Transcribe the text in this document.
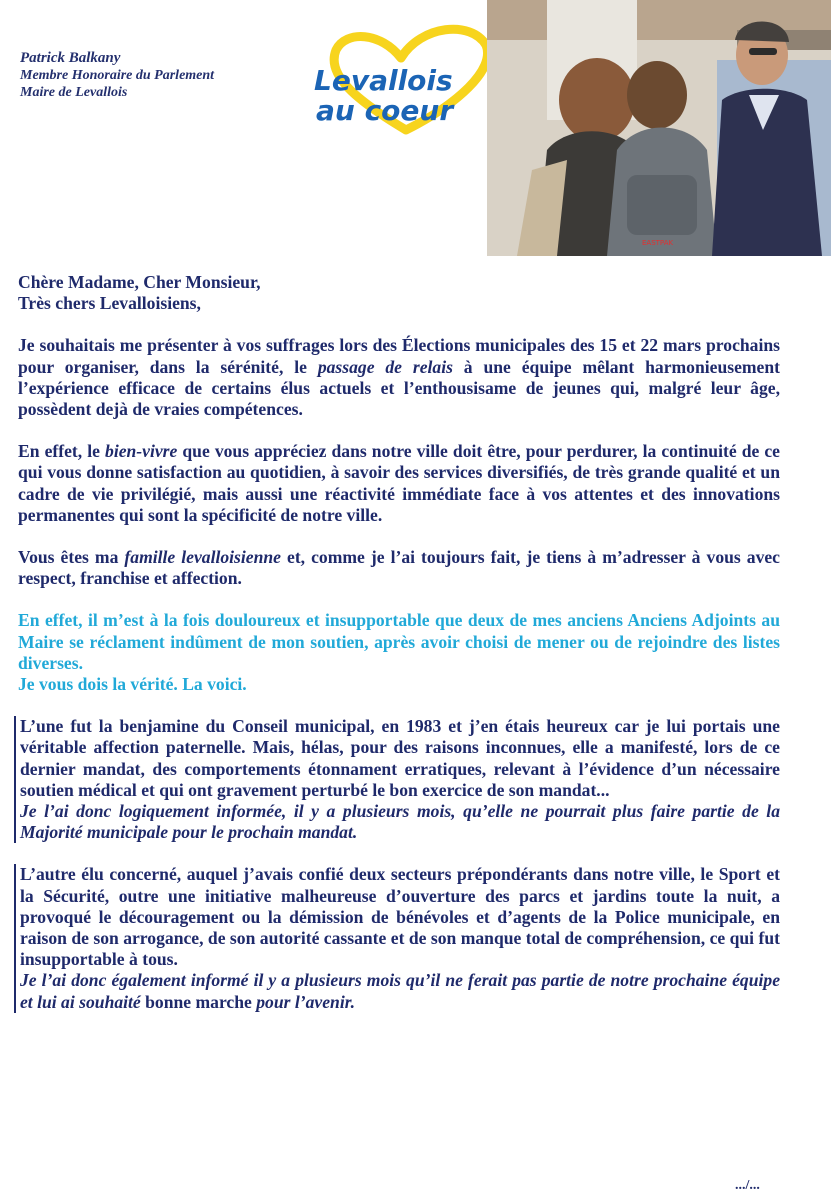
Patrick Balkany
Membre Honoraire du Parlement
Maire de Levallois	Levallois
au coeur
EASTPAK

Chère Madame, Cher Monsieur,

Très chers Levalloisiens,

Je souhaitais me présenter à vos suffrages lors des Élections municipales des 15 et 22 mars prochains pour organiser, dans la sérénité, le passage de relais à une équipe mêlant harmonieusement l’expérience efficace de certains élus actuels et l’enthousisame de jeunes qui, malgré leur âge, possèdent dejà de vraies compétences.

En effet, le bien-vivre que vous appréciez dans notre ville doit être, pour perdurer, la continuité de ce qui vous donne satisfaction au quotidien, à savoir des services diversifiés, de très grande qualité et un cadre de vie privilégié, mais aussi une réactivité immédiate face à vos attentes et des innovations permanentes qui sont la spécificité de notre ville.

Vous êtes ma famille levalloisienne et, comme je l’ai toujours fait, je tiens à m’adresser à vous avec respect, franchise et affection.

En effet, il m’est à la fois douloureux et insupportable que deux de mes anciens Anciens Adjoints au Maire se réclament indûment de mon soutien, après avoir choisi de mener ou de rejoindre des listes diverses.

Je vous dois la vérité. La voici.

L’une fut la benjamine du Conseil municipal, en 1983 et j’en étais heureux car je lui portais une véritable affection paternelle. Mais, hélas, pour des raisons inconnues, elle a manifesté, lors de ce dernier mandat, des comportements étonnament erratiques, relevant à l’évidence d’un nécessaire soutien médical et qui ont gravement perturbé le bon exercice de son mandat...

Je l’ai donc logiquement informée, il y a plusieurs mois, qu’elle ne pourrait plus faire partie de la Majorité municipale pour le prochain mandat.

L’autre élu concerné, auquel j’avais confié deux secteurs prépondérants dans notre ville, le Sport et la Sécurité, outre une initiative malheureuse d’ouverture des parcs et jardins toute la nuit, a provoqué le découragement ou la démission de bénévoles et d’agents de la Police municipale, en raison de son arrogance, de son autorité cassante et de son manque total de compréhension, ce qui fut insupportable à tous.

Je l’ai donc également informé il y a plusieurs mois qu’il ne ferait pas partie de notre prochaine équipe et lui ai souhaité bonne marche pour l’avenir.

.../...
